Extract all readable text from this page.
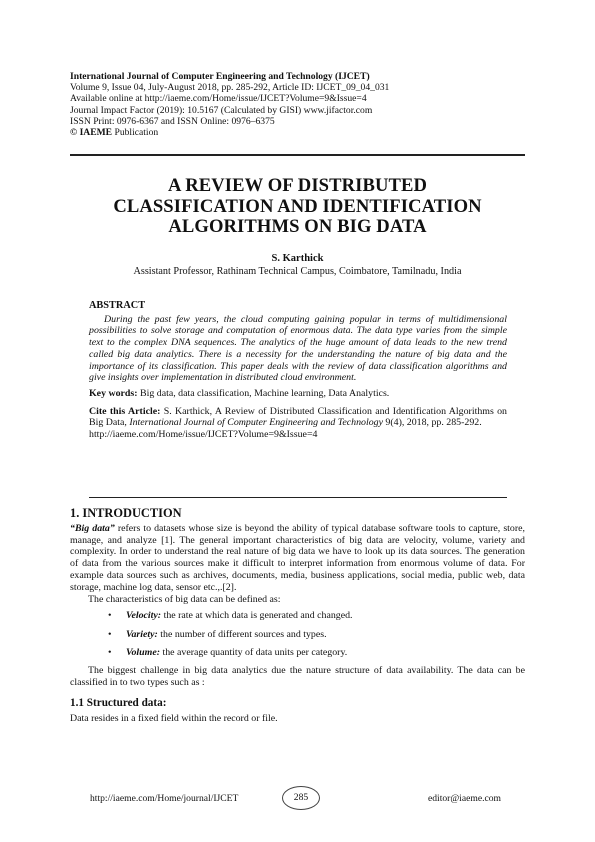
International Journal of Computer Engineering and Technology (IJCET)
Volume 9, Issue 04, July-August 2018, pp. 285-292, Article ID: IJCET_09_04_031
Available online at http://iaeme.com/Home/issue/IJCET?Volume=9&Issue=4
Journal Impact Factor (2019): 10.5167 (Calculated by GISI) www.jifactor.com
ISSN Print: 0976-6367 and ISSN Online: 0976–6375
© IAEME Publication
A REVIEW OF DISTRIBUTED
CLASSIFICATION AND IDENTIFICATION
ALGORITHMS ON BIG DATA
S. Karthick
Assistant Professor, Rathinam Technical Campus, Coimbatore, Tamilnadu, India
ABSTRACT
During the past few years, the cloud computing gaining popular in terms of multidimensional possibilities to solve storage and computation of enormous data. The data type varies from the simple text to the complex DNA sequences. The analytics of the huge amount of data leads to the new trend called big data analytics. There is a necessity for the understanding the nature of big data and the importance of its classification. This paper deals with the review of data classification algorithms and give insights over implementation in distributed cloud environment.
Key words: Big data, data classification, Machine learning, Data Analytics.
Cite this Article: S. Karthick, A Review of Distributed Classification and Identification Algorithms on Big Data, International Journal of Computer Engineering and Technology 9(4), 2018, pp. 285-292.
http://iaeme.com/Home/issue/IJCET?Volume=9&Issue=4
1. INTRODUCTION
“Big data” refers to datasets whose size is beyond the ability of typical database software tools to capture, store, manage, and analyze [1]. The general important characteristics of big data are velocity, volume, variety and complexity. In order to understand the real nature of big data we have to look up its data sources. The generation of data from the various sources make it difficult to interpret information from enormous volume of data. For example data sources such as archives, documents, media, business applications, social media, public web, data storage, machine log data, sensor etc.,.[2].
The characteristics of big data can be defined as:
• Velocity: the rate at which data is generated and changed.
• Variety: the number of different sources and types.
• Volume: the average quantity of data units per category.
The biggest challenge in big data analytics due the nature structure of data availability. The data can be classified in to two types such as :
1.1 Structured data:
Data resides in a fixed field within the record or file.
http://iaeme.com/Home/journal/IJCET	285	editor@iaeme.com
